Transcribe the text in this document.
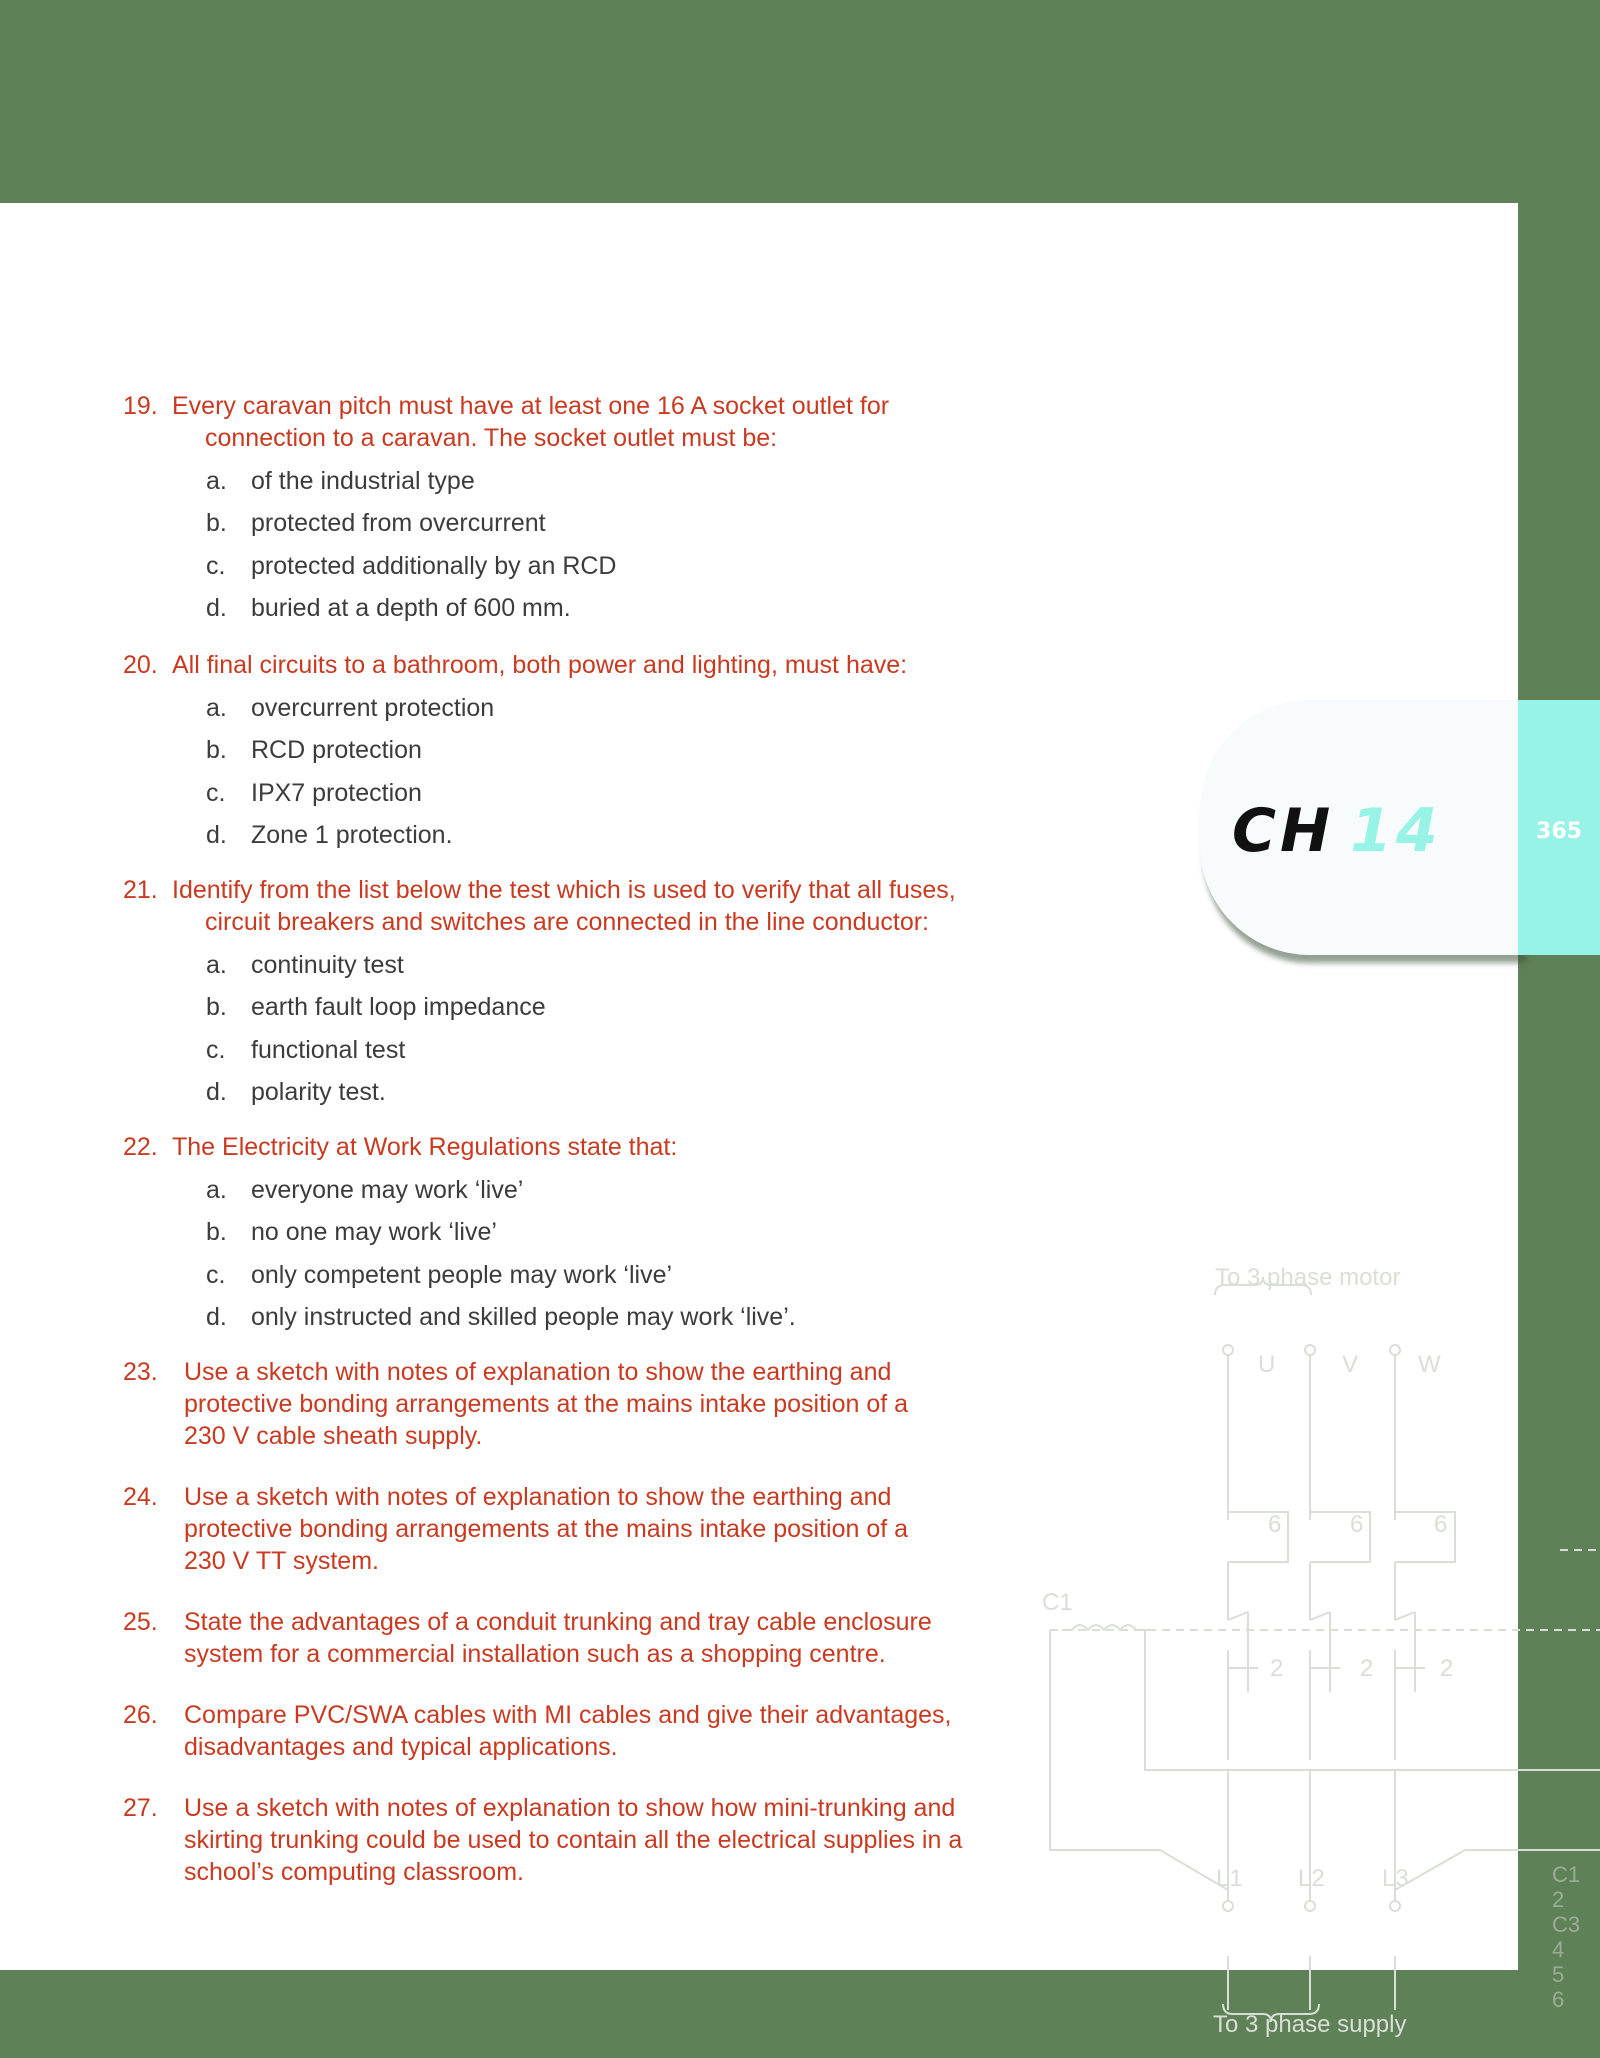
19. Every caravan pitch must have at least one 16 A socket outlet for
connection to a caravan. The socket outlet must be:
a. of the industrial type
b. protected from overcurrent
c.	protected additionally by an RCD
d. buried at a depth of 600 mm.
20. All final circuits to a bathroom, both power and lighting, must have:
a. overcurrent protection
b. RCD protection
c.	IPX7 protection
d. Zone 1 protection.
21. Identify from the list below the test which is used to verify that all fuses,
circuit breakers and switches are connected in the line conductor:
a. continuity test
b. earth fault loop impedance
c.	functional test
d. polarity test.
22. The Electricity at Work Regulations state that:
a. everyone may work ‘live’
b. no one may work ‘live’
c.	only competent people may work ‘live’
d. only instructed and skilled people may work ‘live’.
23.	Use a sketch with notes of explanation to show the earthing and
protective bonding arrangements at the mains intake position of a
230 V cable sheath supply.
24.	Use a sketch with notes of explanation to show the earthing and
protective bonding arrangements at the mains intake position of a
230 V TT system.
25.	State the advantages of a conduit trunking and tray cable enclosure
system for a commercial installation such as a shopping centre.
26.	Compare PVC/SWA cables with MI cables and give their advantages,
disadvantages and typical applications.
27.	Use a sketch with notes of explanation to show how mini-trunking and
skirting trunking could be used to contain all the electrical supplies in a
school’s computing classroom.
CH 14	365
To 3 phase motor
U	V W
6	6	6
2	2	2
C1
L1 L2 L3
To 3 phase supply
C1
2
C3
4
5
6
